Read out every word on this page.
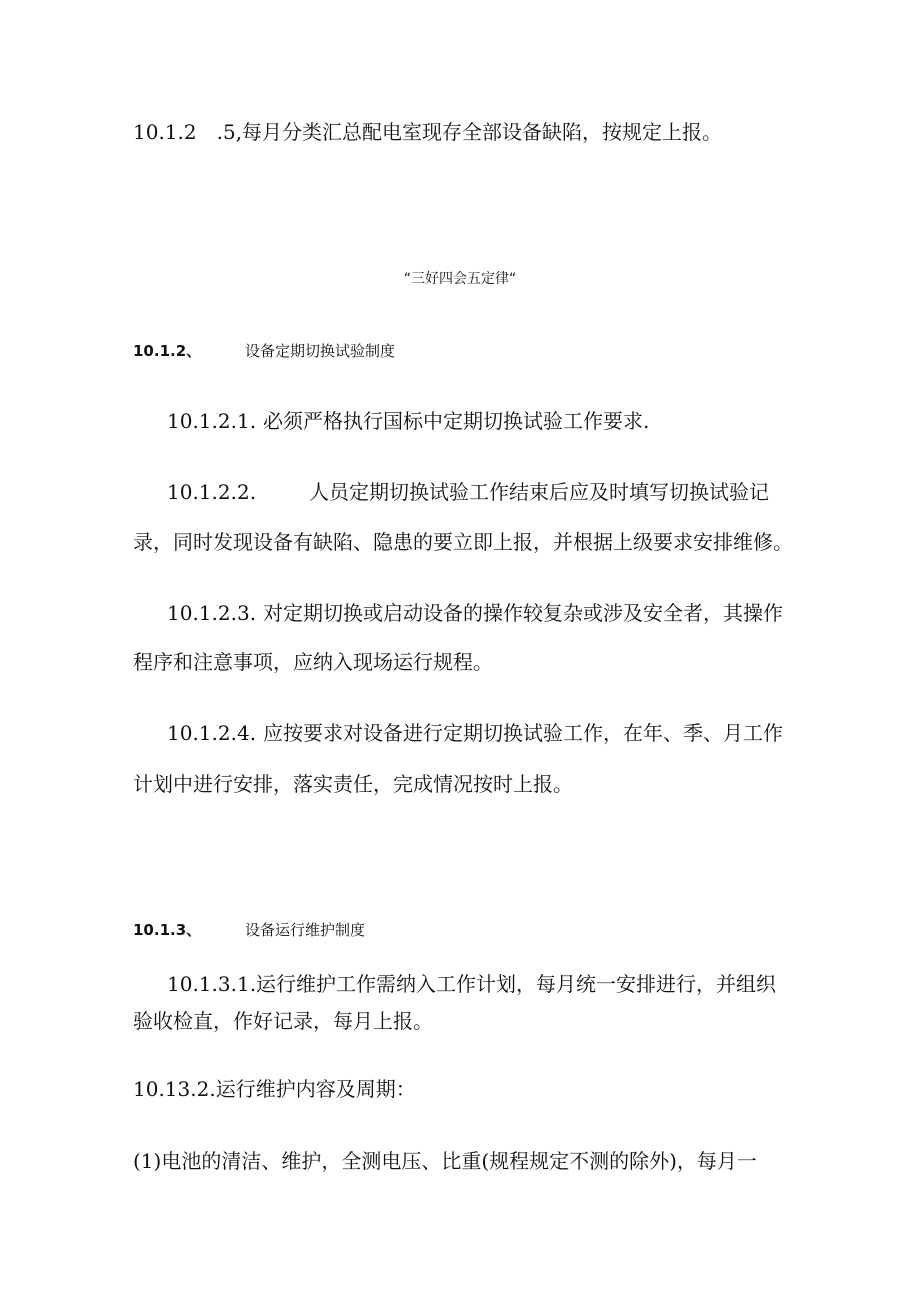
10.1.2　.5,每月分类汇总配电室现存全部设备缺陷，按规定上报。
“三好四会五定律“
10.1.2、	设备定期切换试验制度
10.1.2.1. 必须严格执行国标中定期切换试验工作要求.
10.1.2.2.	人员定期切换试验工作结束后应及时填写切换试验记
录，同时发现设备有缺陷、隐患的要立即上报，并根据上级要求安排维修。
10.1.2.3. 对定期切换或启动设备的操作较复杂或涉及安全者，其操作
程序和注意事项，应纳入现场运行规程。
10.1.2.4. 应按要求对设备进行定期切换试验工作，在年、季、月工作
计划中进行安排，落实责任，完成情况按时上报。
10.1.3、	设备运行维护制度
10.1.3.1.运行维护工作需纳入工作计划，每月统一安排进行，并组织
验收检直，作好记录，每月上报。
10.13.2.运行维护内容及周期：
(1)电池的清洁、维护，全测电压、比重(规程规定不测的除外)，每月一
